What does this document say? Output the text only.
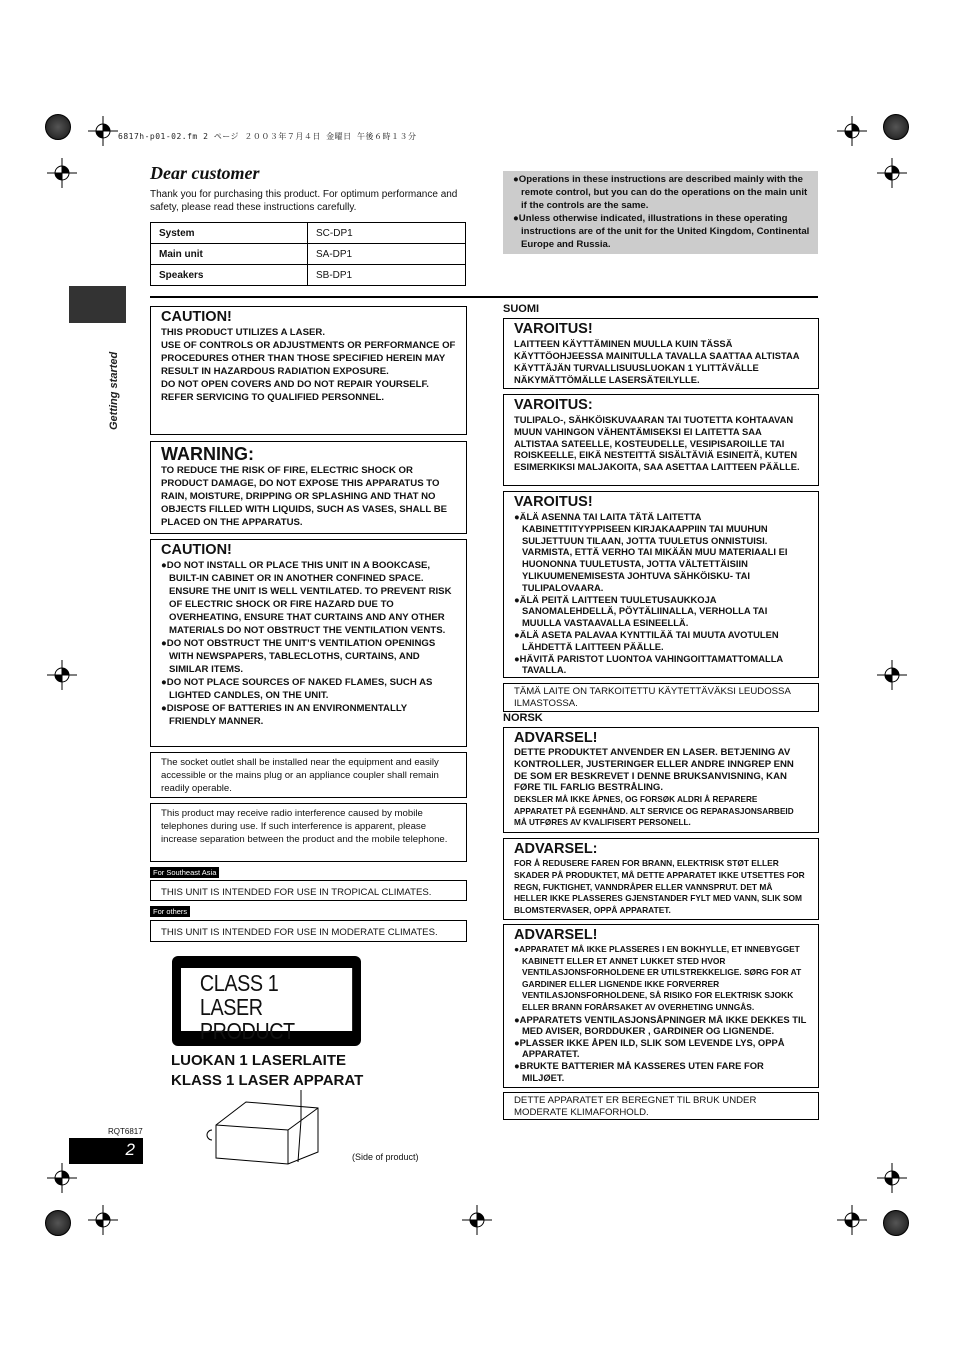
6817h-p01-02.fm 2 ページ ２００３年７月４日 金曜日 午後６時１３分
Getting started
RQT6817
2
Dear customer
Thank you for purchasing this product. For optimum performance and safety, please read these instructions carefully.
System	SC-DP1
Main unit	SA-DP1
Speakers	SB-DP1

●Operations in these instructions are described mainly with the remote control, but you can do the operations on the main unit if the controls are the same.

●Unless otherwise indicated, illustrations in these operating instructions are of the unit for the United Kingdom, Continental Europe and Russia.

CAUTION!
THIS PRODUCT UTILIZES A LASER.
USE OF CONTROLS OR ADJUSTMENTS OR PERFORMANCE OF PROCEDURES OTHER THAN THOSE SPECIFIED HEREIN MAY RESULT IN HAZARDOUS RADIATION EXPOSURE.
DO NOT OPEN COVERS AND DO NOT REPAIR YOURSELF. REFER SERVICING TO QUALIFIED PERSONNEL.
WARNING:
TO REDUCE THE RISK OF FIRE, ELECTRIC SHOCK OR PRODUCT DAMAGE, DO NOT EXPOSE THIS APPARATUS TO RAIN, MOISTURE, DRIPPING OR SPLASHING AND THAT NO OBJECTS FILLED WITH LIQUIDS, SUCH AS VASES, SHALL BE PLACED ON THE APPARATUS.
CAUTION!
●DO NOT INSTALL OR PLACE THIS UNIT IN A BOOKCASE, BUILT-IN CABINET OR IN ANOTHER CONFINED SPACE. ENSURE THE UNIT IS WELL VENTILATED. TO PREVENT RISK OF ELECTRIC SHOCK OR FIRE HAZARD DUE TO OVERHEATING, ENSURE THAT CURTAINS AND ANY OTHER MATERIALS DO NOT OBSTRUCT THE VENTILATION VENTS.
●DO NOT OBSTRUCT THE UNIT’S VENTILATION OPENINGS WITH NEWSPAPERS, TABLECLOTHS, CURTAINS, AND SIMILAR ITEMS.
●DO NOT PLACE SOURCES OF NAKED FLAMES, SUCH AS LIGHTED CANDLES, ON THE UNIT.
●DISPOSE OF BATTERIES IN AN ENVIRONMENTALLY FRIENDLY MANNER.
The socket outlet shall be installed near the equipment and easily accessible or the mains plug or an appliance coupler shall remain readily operable.
This product may receive radio interference caused by mobile telephones during use. If such interference is apparent, please increase separation between the product and the mobile telephone.
For Southeast Asia
THIS UNIT IS INTENDED FOR USE IN TROPICAL CLIMATES.
For others
THIS UNIT IS INTENDED FOR USE IN MODERATE CLIMATES.
CLASS 1
LASER PRODUCT
LUOKAN 1 LASERLAITE
KLASS 1 LASER APPARAT
(Side of product)
SUOMI
VAROITUS!
LAITTEEN KÄYTTÄMINEN MUULLA KUIN TÄSSÄ KÄYTTÖOHJEESSA MAINITULLA TAVALLA SAATTAA ALTISTAA KÄYTTÄJÄN TURVALLISUUSLUOKAN 1 YLITTÄVÄLLE NÄKYMÄTTÖMÄLLE LASERSÄTEILYLLE.
VAROITUS:
TULIPALO-, SÄHKÖISKUVAARAN TAI TUOTETTA KOHTAAVAN MUUN VAHINGON VÄHENTÄMISEKSI EI LAITETTA SAA ALTISTAA SATEELLE, KOSTEUDELLE, VESIPISAROILLE TAI ROISKEELLE, EIKÄ NESTEITTÄ SISÄLTÄVIÄ ESINEITÄ, KUTEN ESIMERKIKSI MALJAKOITA, SAA ASETTAA LAITTEEN PÄÄLLE.
VAROITUS!
●ÄLÄ ASENNA TAI LAITA TÄTÄ LAITETTA KABINETTITYYPPISEEN KIRJAKAAPPIIN TAI MUUHUN SULJETTUUN TILAAN, JOTTA TUULETUS ONNISTUISI. VARMISTA, ETTÄ VERHO TAI MIKÄÄN MUU MATERIAALI EI HUONONNA TUULETUSTA, JOTTA VÄLTETTÄISIIN YLIKUUMENEMISESTA JOHTUVA SÄHKÖISKU- TAI TULIPALOVAARA.
●ÄLÄ PEITÄ LAITTEEN TUULETUSAUKKOJA SANOMALEHDELLÄ, PÖYTÄLIINALLA, VERHOLLA TAI MUULLA VASTAAVALLA ESINEELLÄ.
●ÄLÄ ASETA PALAVAA KYNTTILÄÄ TAI MUUTA AVOTULEN LÄHDETTÄ LAITTEEN PÄÄLLE.
●HÄVITÄ PARISTOT LUONTOA VAHINGOITTAMATTOMALLA TAVALLA.
TÄMÄ LAITE ON TARKOITETTU KÄYTETTÄVÄKSI LEUDOSSA ILMASTOSSA.
NORSK
ADVARSEL!
DETTE PRODUKTET ANVENDER EN LASER. BETJENING AV KONTROLLER, JUSTERINGER ELLER ANDRE INNGREP ENN DE SOM ER BESKREVET I DENNE BRUKSANVISNING, KAN FØRE TIL FARLIG BESTRÅLING.
DEKSLER MÅ IKKE ÅPNES, OG FORSØK ALDRI Å REPARERE APPARATET PÅ EGENHÅND. ALT SERVICE OG REPARASJONSARBEID MÅ UTFØRES AV KVALIFISERT PERSONELL.
ADVARSEL:
FOR Å REDUSERE FAREN FOR BRANN, ELEKTRISK STØT ELLER SKADER PÅ PRODUKTET, MÅ DETTE APPARATET IKKE UTSETTES FOR REGN, FUKTIGHET, VANNDRÅPER ELLER VANNSPRUT. DET MÅ HELLER IKKE PLASSERES GJENSTANDER FYLT MED VANN, SLIK SOM BLOMSTERVASER, OPPÅ APPARATET.
ADVARSEL!
●APPARATET MÅ IKKE PLASSERES I EN BOKHYLLE, ET INNEBYGGET KABINETT ELLER ET ANNET LUKKET STED HVOR VENTILASJONSFORHOLDENE ER UTILSTREKKELIGE. SØRG FOR AT GARDINER ELLER LIGNENDE IKKE FORVERRER VENTILASJONSFORHOLDENE, SÅ RISIKO FOR ELEKTRISK SJOKK ELLER BRANN FORÅRSAKET AV OVERHETING UNNGÅS.
●APPARATETS VENTILASJONSÅPNINGER MÅ IKKE DEKKES TIL MED AVISER, BORDDUKER , GARDINER OG LIGNENDE.
●PLASSER IKKE ÅPEN ILD, SLIK SOM LEVENDE LYS, OPPÅ APPARATET.
●BRUKTE BATTERIER MÅ KASSERES UTEN FARE FOR MILJØET.
DETTE APPARATET ER BEREGNET TIL BRUK UNDER MODERATE KLIMAFORHOLD.
